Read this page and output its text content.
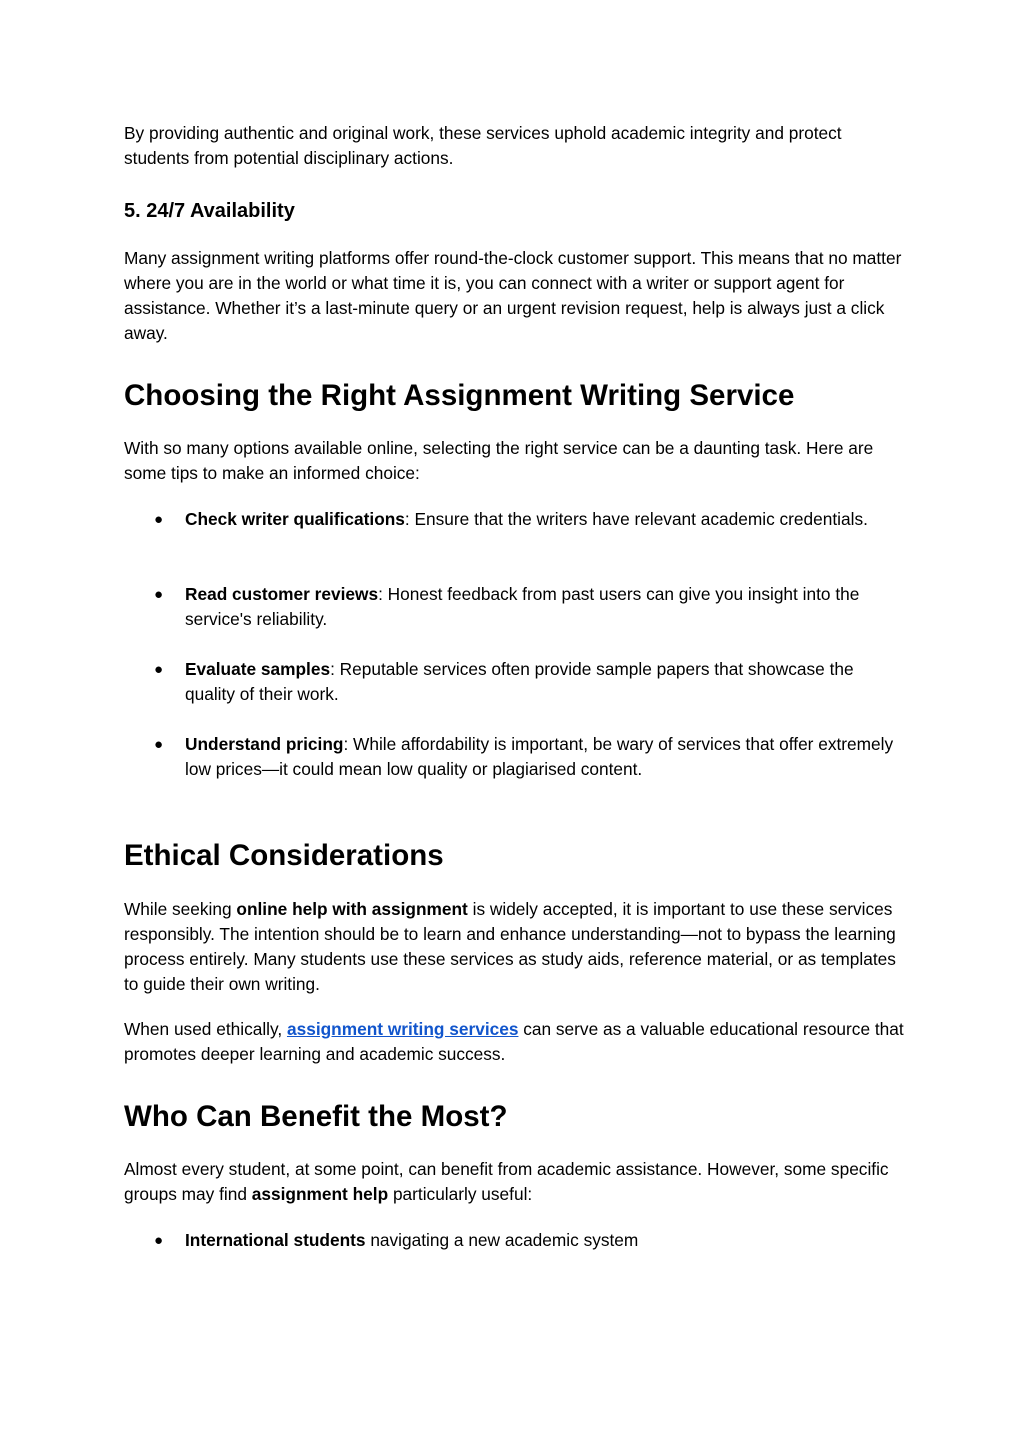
By providing authentic and original work, these services uphold academic integrity and protect students from potential disciplinary actions.

5. 24/7 Availability

Many assignment writing platforms offer round-the-clock customer support. This means that no matter where you are in the world or what time it is, you can connect with a writer or support agent for assistance. Whether it’s a last-minute query or an urgent revision request, help is always just a click away.

Choosing the Right Assignment Writing Service

With so many options available online, selecting the right service can be a daunting task. Here are some tips to make an informed choice:

● Check writer qualifications: Ensure that the writers have relevant academic credentials.
● Read customer reviews: Honest feedback from past users can give you insight into the service's reliability.
● Evaluate samples: Reputable services often provide sample papers that showcase the quality of their work.
● Understand pricing: While affordability is important, be wary of services that offer extremely low prices—it could mean low quality or plagiarised content.
Ethical Considerations

While seeking online help with assignment is widely accepted, it is important to use these services responsibly. The intention should be to learn and enhance understanding—not to bypass the learning process entirely. Many students use these services as study aids, reference material, or as templates to guide their own writing.

When used ethically, assignment writing services can serve as a valuable educational resource that promotes deeper learning and academic success.

Who Can Benefit the Most?

Almost every student, at some point, can benefit from academic assistance. However, some specific groups may find assignment help particularly useful:

● International students navigating a new academic system
